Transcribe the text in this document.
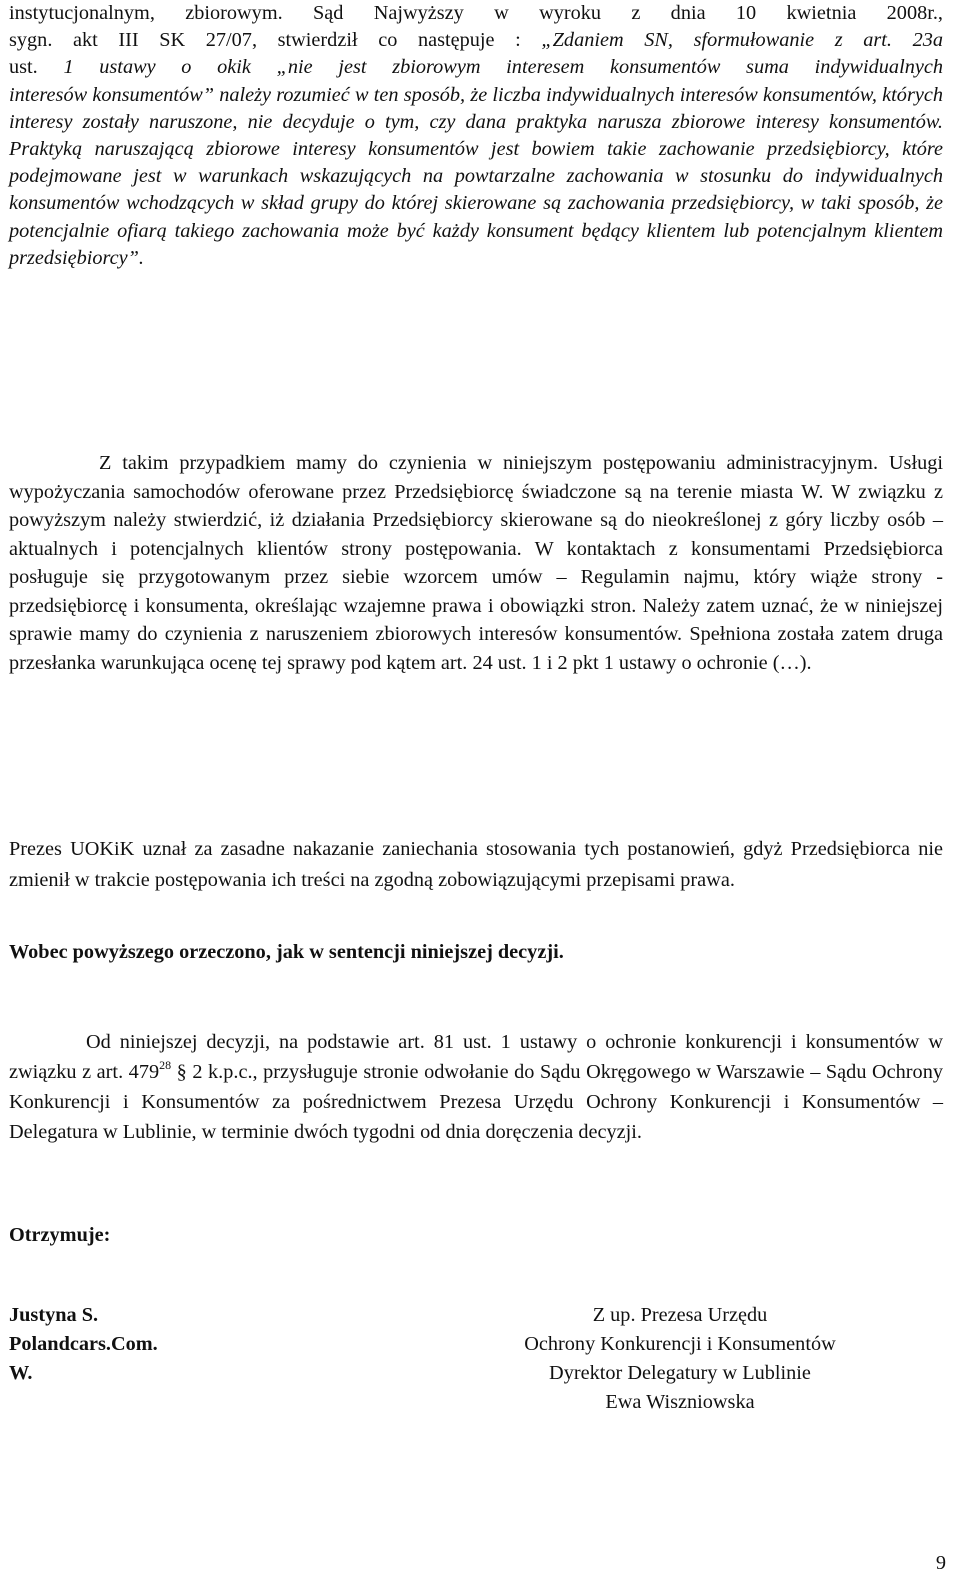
instytucjonalnym, zbiorowym. Sąd Najwyższy w wyroku z dnia 10 kwietnia 2008r.,
sygn. akt III SK 27/07, stwierdził co następuje : „Zdaniem SN, sformułowanie z art. 23a
ust. 1 ustawy o okik „nie jest zbiorowym interesem konsumentów suma indywidualnych
interesów konsumentów” należy rozumieć w ten sposób, że liczba indywidualnych interesów konsumentów, których interesy zostały naruszone, nie decyduje o tym, czy dana praktyka narusza zbiorowe interesy konsumentów. Praktyką naruszającą zbiorowe interesy konsumentów jest bowiem takie zachowanie przedsiębiorcy, które podejmowane jest w warunkach wskazujących na powtarzalne zachowania w stosunku do indywidualnych konsumentów wchodzących w skład grupy do której skierowane są zachowania przedsiębiorcy, w taki sposób, że potencjalnie ofiarą takiego zachowania może być każdy konsument będący klientem lub potencjalnym klientem przedsiębiorcy”.

Z takim przypadkiem mamy do czynienia w niniejszym postępowaniu administracyjnym. Usługi wypożyczania samochodów oferowane przez Przedsiębiorcę świadczone są na terenie miasta W. W związku z powyższym należy stwierdzić, iż działania Przedsiębiorcy skierowane są do nieokreślonej z góry liczby osób – aktualnych i potencjalnych klientów strony postępowania. W kontaktach z konsumentami Przedsiębiorca posługuje się przygotowanym przez siebie wzorcem umów – Regulamin najmu, który wiąże strony - przedsiębiorcę i konsumenta, określając wzajemne prawa i obowiązki stron. Należy zatem uznać, że w niniejszej sprawie mamy do czynienia z naruszeniem zbiorowych interesów konsumentów. Spełniona została zatem druga przesłanka warunkująca ocenę tej sprawy pod kątem art. 24 ust. 1 i 2 pkt 1 ustawy o ochronie (…).

Prezes UOKiK uznał za zasadne nakazanie zaniechania stosowania tych postanowień, gdyż Przedsiębiorca nie zmienił w trakcie postępowania ich treści na zgodną zobowiązującymi przepisami prawa.

Wobec powyższego orzeczono, jak w sentencji niniejszej decyzji.

Od niniejszej decyzji, na podstawie art. 81 ust. 1 ustawy o ochronie konkurencji i konsumentów w związku z art. $479^{28}$ § 2 k.p.c., przysługuje stronie odwołanie do Sądu Okręgowego w Warszawie – Sądu Ochrony Konkurencji i Konsumentów za pośrednictwem Prezesa Urzędu Ochrony Konkurencji i Konsumentów – Delegatura w Lublinie, w terminie dwóch tygodni od dnia doręczenia decyzji.

Otrzymuje:

Justyna S.
Polandcars.Com.
W.
Z up. Prezesa Urzędu
Ochrony Konkurencji i Konsumentów
Dyrektor Delegatury w Lublinie
Ewa Wiszniowska
9
